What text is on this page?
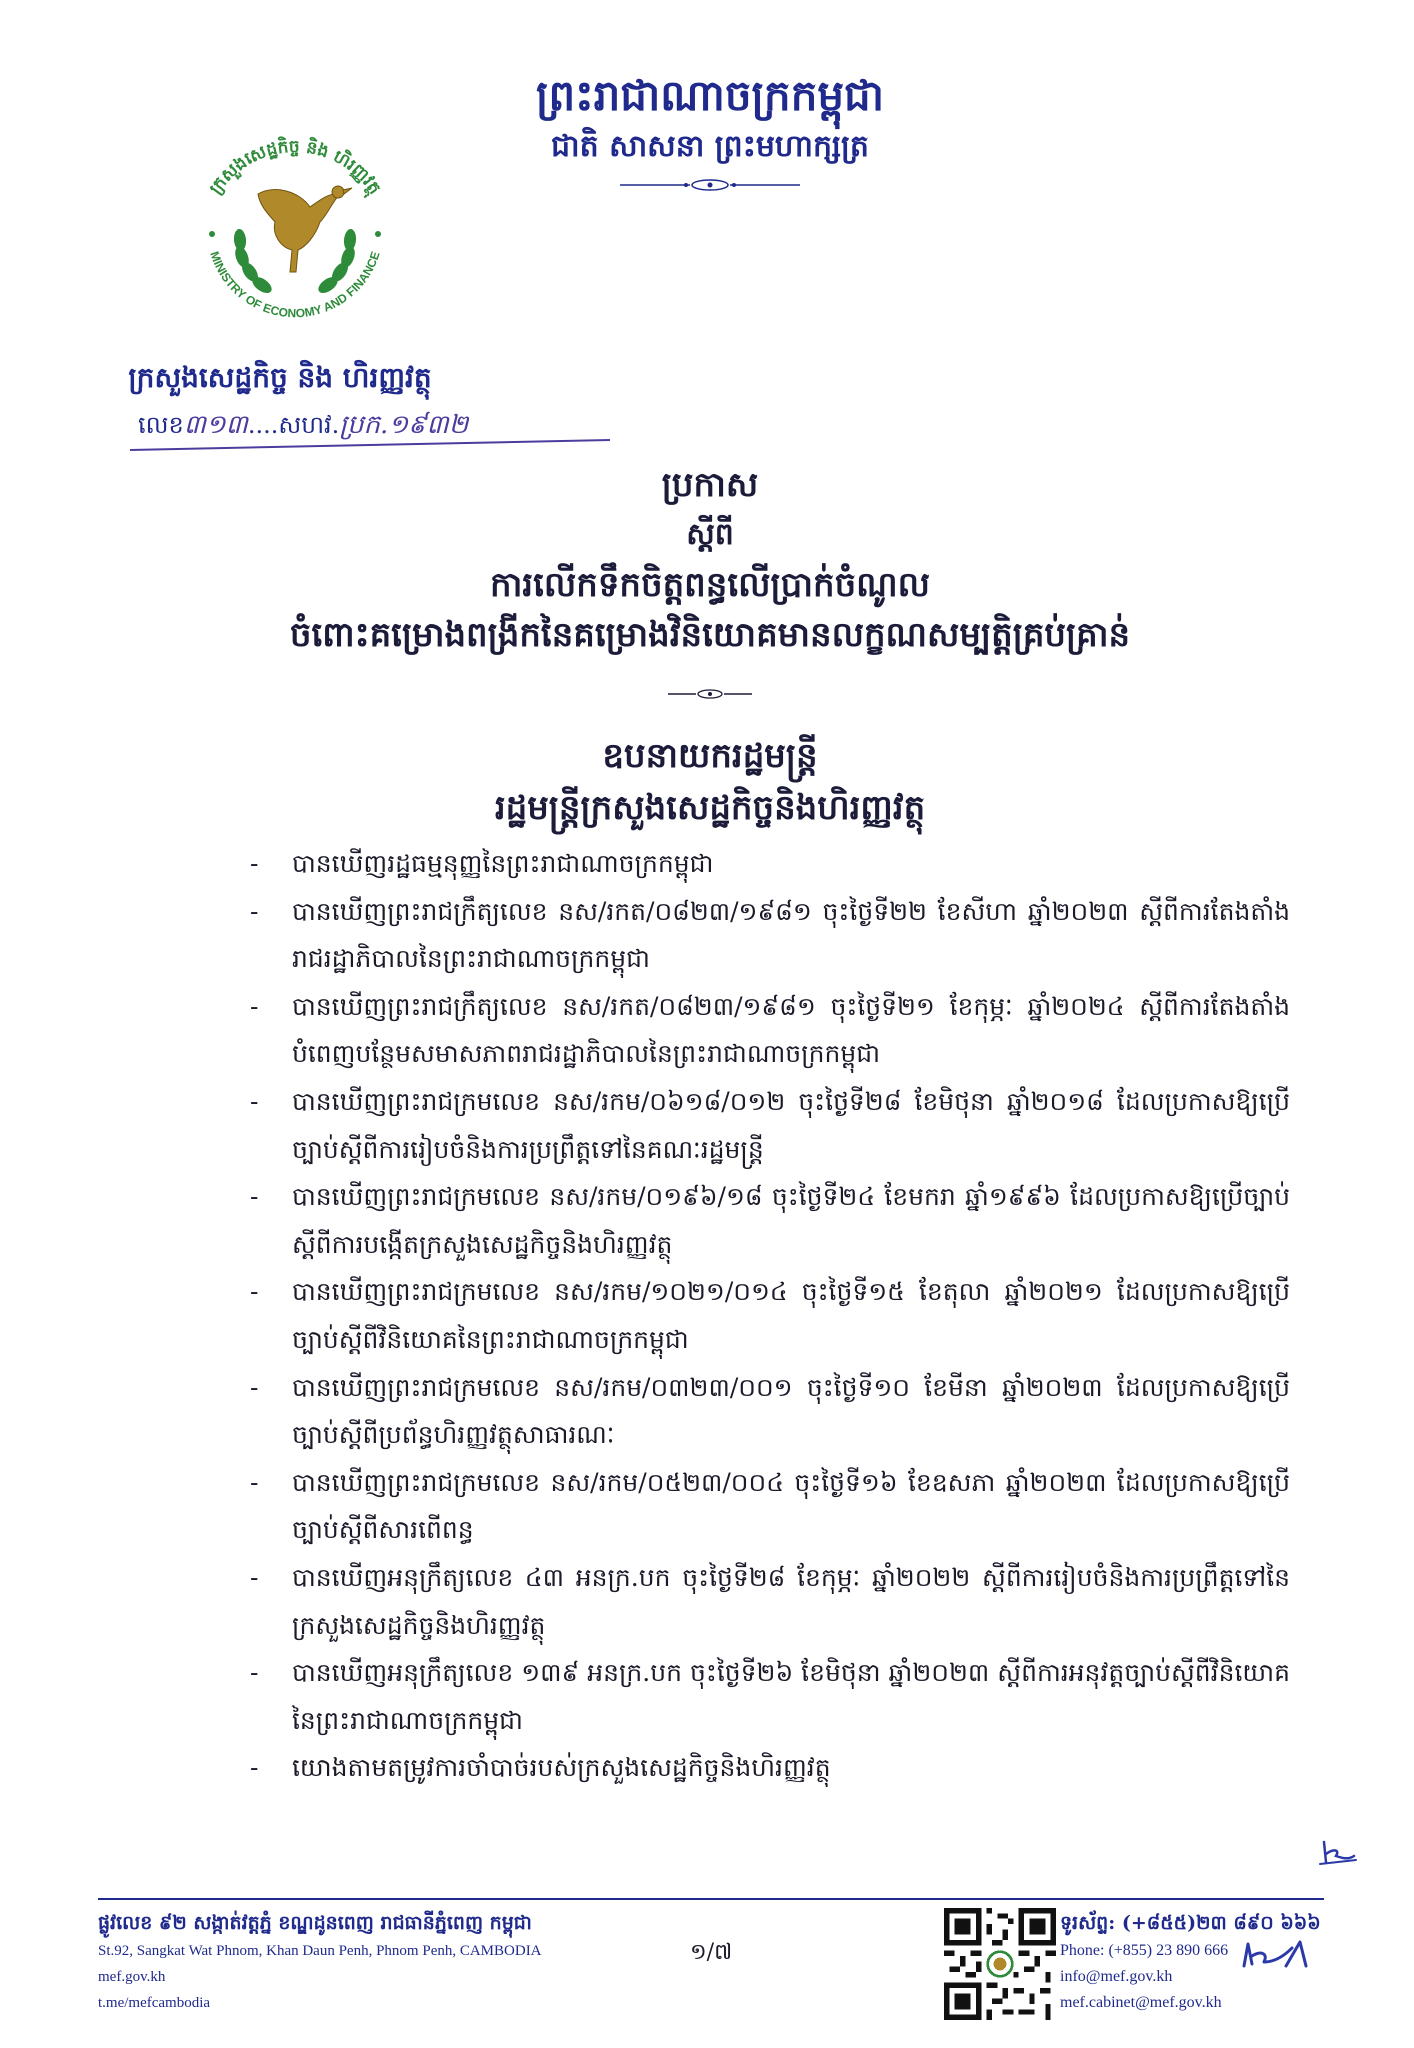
ព្រះរាជាណាចក្រកម្ពុជា
ជាតិ សាសនា ព្រះមហាក្សត្រ
ក្រសួងសេដ្ឋកិច្ច និង ហិរញ្ញវត្ថុ
MINISTRY OF ECONOMY AND FINANCE
ក្រសួងសេដ្ឋកិច្ច និង ហិរញ្ញវត្ថុ
លេខ៣១៣....សហវ.ប្រក.១៩៣២
ប្រកាស
ស្តីពី
ការលើកទឹកចិត្តពន្ធលើប្រាក់ចំណូល
ចំពោះគម្រោងពង្រីកនៃគម្រោងវិនិយោគមានលក្ខណសម្បត្តិគ្រប់គ្រាន់
ឧបនាយករដ្ឋមន្ត្រី
រដ្ឋមន្ត្រីក្រសួងសេដ្ឋកិច្ចនិងហិរញ្ញវត្ថុ
- បានឃើញរដ្ឋធម្មនុញ្ញនៃព្រះរាជាណាចក្រកម្ពុជា
- បានឃើញព្រះរាជក្រឹត្យលេខ នស/រកត/០៨២៣/១៩៨១ ចុះថ្ងៃទី២២ ខែសីហា ឆ្នាំ២០២៣ ស្តីពីការតែងតាំងរាជរដ្ឋាភិបាលនៃព្រះរាជាណាចក្រកម្ពុជា
- បានឃើញព្រះរាជក្រឹត្យលេខ នស/រកត/០៨២៣/១៩៨១ ចុះថ្ងៃទី២១ ខែកុម្ភៈ ឆ្នាំ២០២៤ ស្តីពីការតែងតាំងបំពេញបន្ថែមសមាសភាពរាជរដ្ឋាភិបាលនៃព្រះរាជាណាចក្រកម្ពុជា
- បានឃើញព្រះរាជក្រមលេខ នស/រកម/០៦១៨/០១២ ចុះថ្ងៃទី២៨ ខែមិថុនា ឆ្នាំ២០១៨ ដែលប្រកាសឱ្យប្រើច្បាប់ស្តីពីការរៀបចំនិងការប្រព្រឹត្តទៅនៃគណៈរដ្ឋមន្ត្រី
- បានឃើញព្រះរាជក្រមលេខ នស/រកម/០១៩៦/១៨ ចុះថ្ងៃទី២៤ ខែមករា ឆ្នាំ១៩៩៦ ដែលប្រកាសឱ្យប្រើច្បាប់ស្តីពីការបង្កើតក្រសួងសេដ្ឋកិច្ចនិងហិរញ្ញវត្ថុ
- បានឃើញព្រះរាជក្រមលេខ នស/រកម/១០២១/០១៤ ចុះថ្ងៃទី១៥ ខែតុលា ឆ្នាំ២០២១ ដែលប្រកាសឱ្យប្រើច្បាប់ស្តីពីវិនិយោគនៃព្រះរាជាណាចក្រកម្ពុជា
- បានឃើញព្រះរាជក្រមលេខ នស/រកម/០៣២៣/០០១ ចុះថ្ងៃទី១០ ខែមីនា ឆ្នាំ២០២៣ ដែលប្រកាសឱ្យប្រើច្បាប់ស្តីពីប្រព័ន្ធហិរញ្ញវត្ថុសាធារណៈ
- បានឃើញព្រះរាជក្រមលេខ នស/រកម/០៥២៣/០០៤ ចុះថ្ងៃទី១៦ ខែឧសភា ឆ្នាំ២០២៣ ដែលប្រកាសឱ្យប្រើច្បាប់ស្តីពីសារពើពន្ធ
- បានឃើញអនុក្រឹត្យលេខ ៤៣ អនក្រ.បក ចុះថ្ងៃទី២៨ ខែកុម្ភៈ ឆ្នាំ២០២២ ស្តីពីការរៀបចំនិងការប្រព្រឹត្តទៅនៃក្រសួងសេដ្ឋកិច្ចនិងហិរញ្ញវត្ថុ
- បានឃើញអនុក្រឹត្យលេខ ១៣៩ អនក្រ.បក ចុះថ្ងៃទី២៦ ខែមិថុនា ឆ្នាំ២០២៣ ស្តីពីការអនុវត្តច្បាប់ស្តីពីវិនិយោគនៃព្រះរាជាណាចក្រកម្ពុជា
- យោងតាមតម្រូវការចាំបាច់របស់ក្រសួងសេដ្ឋកិច្ចនិងហិរញ្ញវត្ថុ
ផ្លូវលេខ ៩២ សង្កាត់វត្តភ្នំ ខណ្ឌដូនពេញ រាជធានីភ្នំពេញ កម្ពុជា
St.92, Sangkat Wat Phnom, Khan Daun Penh, Phnom Penh, CAMBODIA
mef.gov.kh
t.me/mefcambodia
១/៧
ទូរស័ព្ទ: (+៨៥៥)២៣ ៨៩០ ៦៦៦
Phone: (+855) 23 890 666
info@mef.gov.kh
mef.cabinet@mef.gov.kh
